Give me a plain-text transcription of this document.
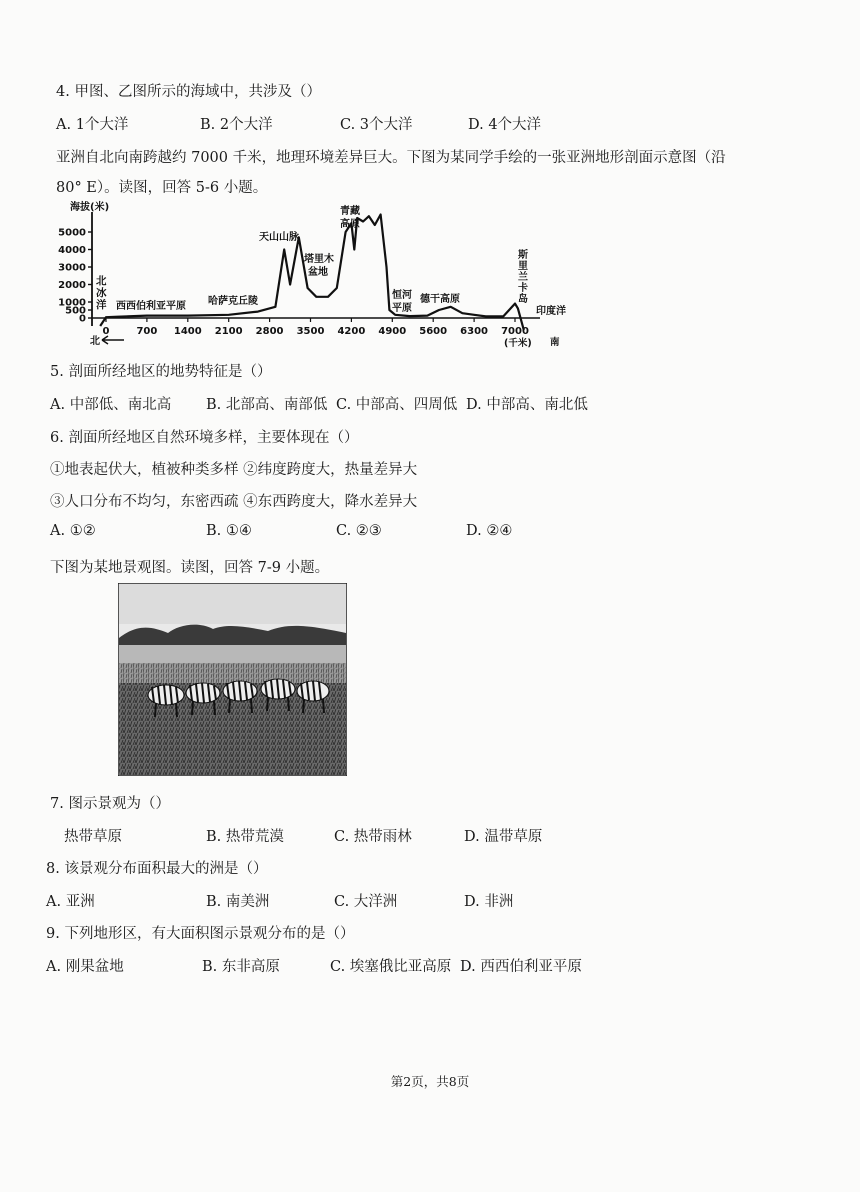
4. 甲图、乙图所示的海域中，共涉及（）
A. 1个大洋	B. 2个大洋	C. 3个大洋	D. 4个大洋
亚洲自北向南跨越约 7000 千米，地理环境差异巨大。下图为某同学手绘的一张亚洲地形剖面示意图（沿
80° E）。读图，回答 5-6 小题。
海拔(米)
5000
4000
3000
2000
1000
500
0
0	700 1400 2100 2800 3500 4200 4900 5600 6300 7000
北冰洋 西西伯利亚平原 哈萨克丘陵
天山山脉
塔里木 盆地
青藏 高原
恒河 平原
德干高原
斯里兰卡岛
印度洋
(千米) 南
北
5. 剖面所经地区的地势特征是（）
A. 中部低、南北高 B. 北部高、南部低 C. 中部高、四周低 D. 中部高、南北低
6. 剖面所经地区自然环境多样，主要体现在（）
①地表起伏大，植被种类多样 ②纬度跨度大，热量差异大
③人口分布不均匀，东密西疏 ④东西跨度大，降水差异大
A. ①②	B. ①④	C. ②③	D. ②④
下图为某地景观图。读图，回答 7-9 小题。
7. 图示景观为（）
热带草原	B. 热带荒漠	C. 热带雨林	D. 温带草原
8. 该景观分布面积最大的洲是（）
A. 亚洲	B. 南美洲	C. 大洋洲	D. 非洲
9. 下列地形区，有大面积图示景观分布的是（）
A. 刚果盆地	B. 东非高原	C. 埃塞俄比亚高原 D. 西西伯利亚平原
第2页，共8页
